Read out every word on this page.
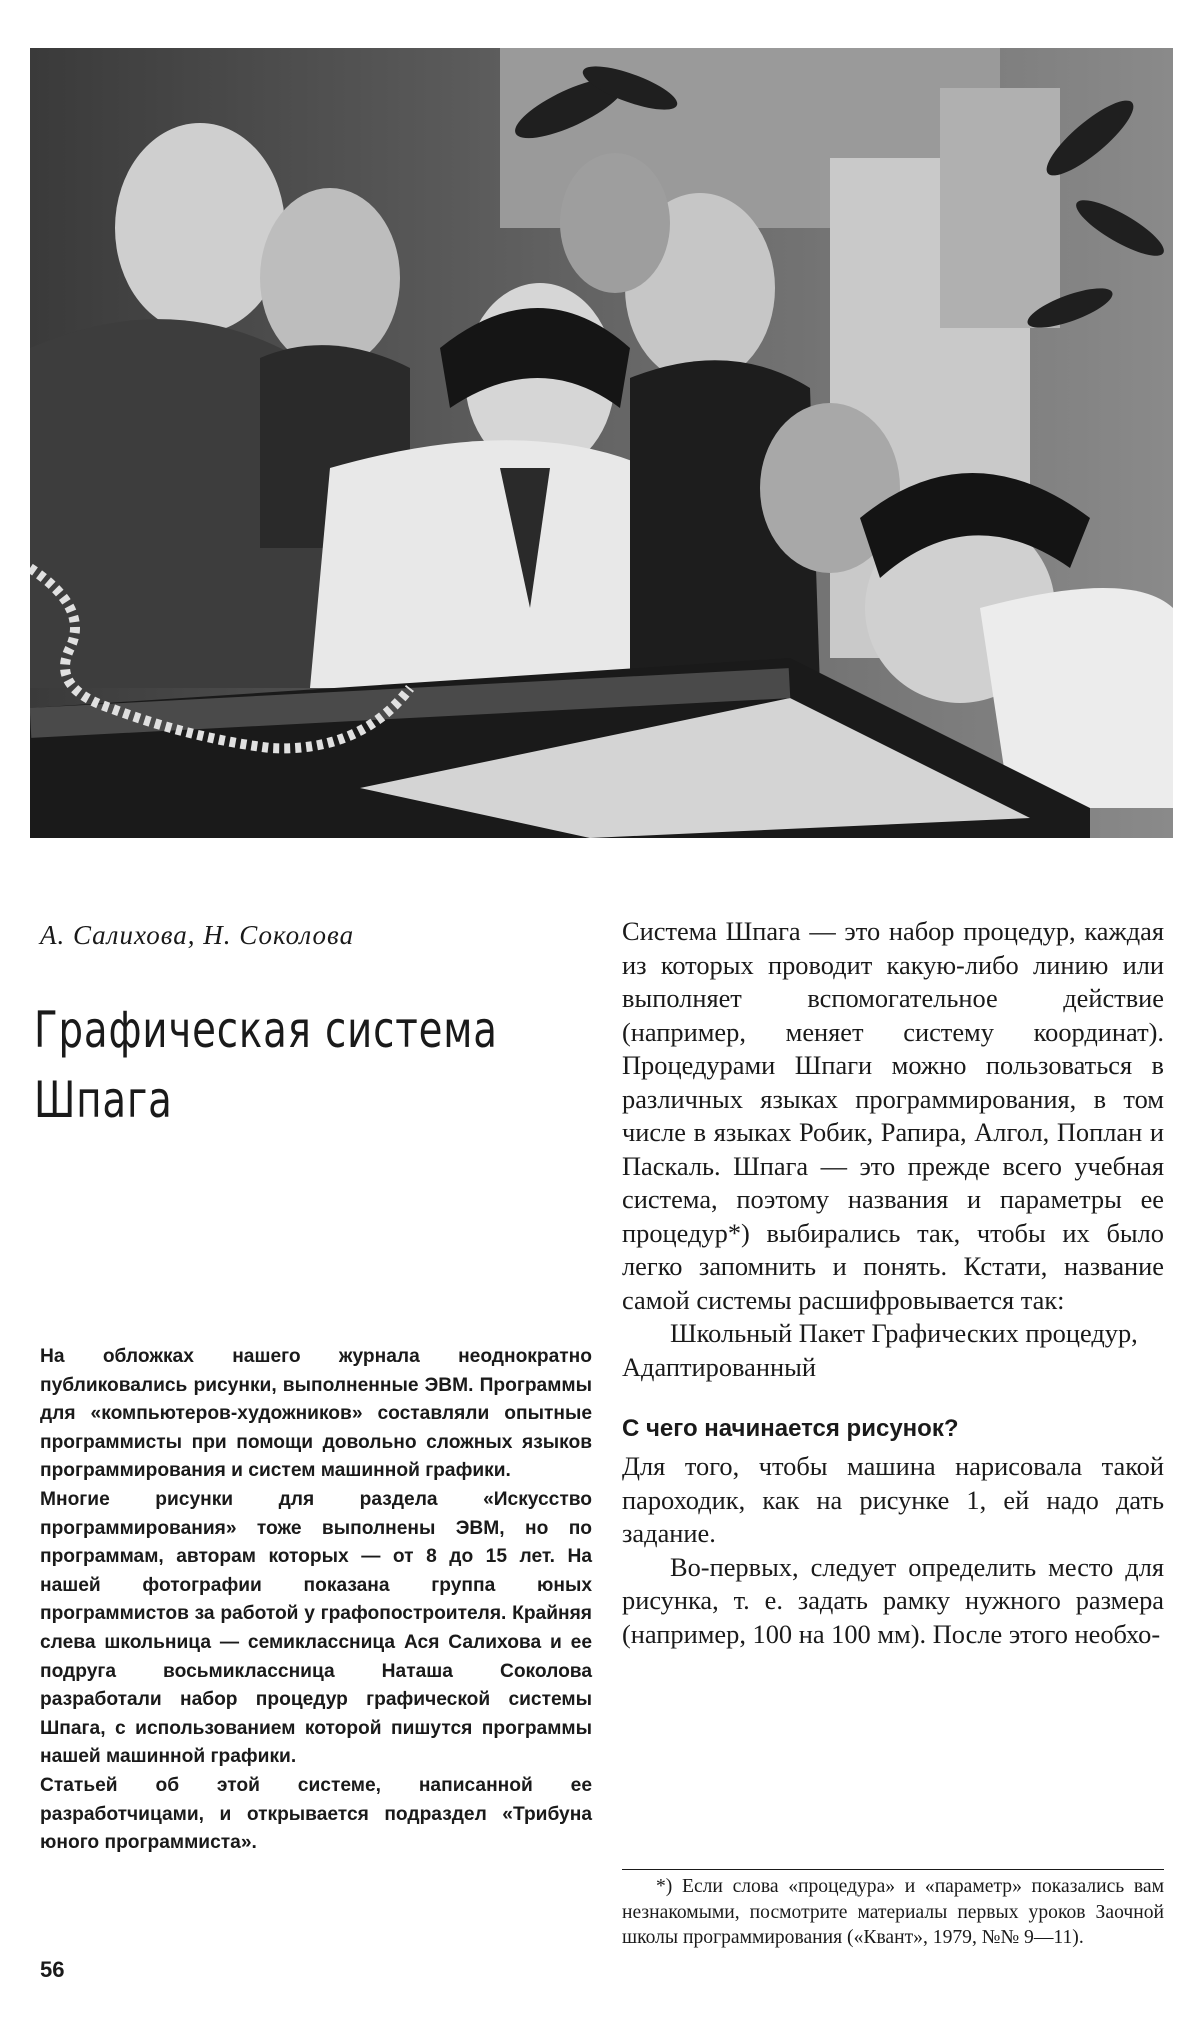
А. Салихова, Н. Соколова
Графическая система
Шпага

На обложках нашего журнала неоднократно публиковались рисунки, выполненные ЭВМ. Программы для «компьютеров-художников» составляли опытные программисты при помощи довольно сложных языков программирования и систем машинной графики.

Многие рисунки для раздела «Искусство программирования» тоже выполнены ЭВМ, но по программам, авторам которых — от 8 до 15 лет. На нашей фотографии показана группа юных программистов за работой у графопостроителя. Крайняя слева школьница — семиклассница Ася Салихова и ее подруга восьмиклассница Наташа Соколова разработали набор процедур графической системы Шпага, с использованием которой пишутся программы нашей машинной графики.

Статьей об этой системе, написанной ее разработчицами, и открывается подраздел «Трибуна юного программиста».

Система Шпага — это набор процедур, каждая из которых проводит какую-либо линию или выполняет вспомогательное действие (например, меняет систему координат). Процедурами Шпаги можно пользоваться в различных языках программирования, в том числе в языках Робик, Рапира, Алгол, Поплан и Паскаль. Шпага — это прежде всего учебная система, поэтому названия и параметры ее процедур*) выбирались так, чтобы их было легко запомнить и понять. Кстати, название самой системы расшифровывается так:

Школьный Пакет Графических процедур, Адаптированный

С чего начинается рисунок?

Для того, чтобы машина нарисовала такой пароходик, как на рисунке 1, ей надо дать задание.

Во-первых, следует определить место для рисунка, т. е. задать рамку нужного размера (например, 100 на 100 мм). После этого необхо-

*) Если слова «процедура» и «параметр» показались вам незнакомыми, посмотрите материалы первых уроков Заочной школы программирования («Квант», 1979, №№ 9—11).
56
